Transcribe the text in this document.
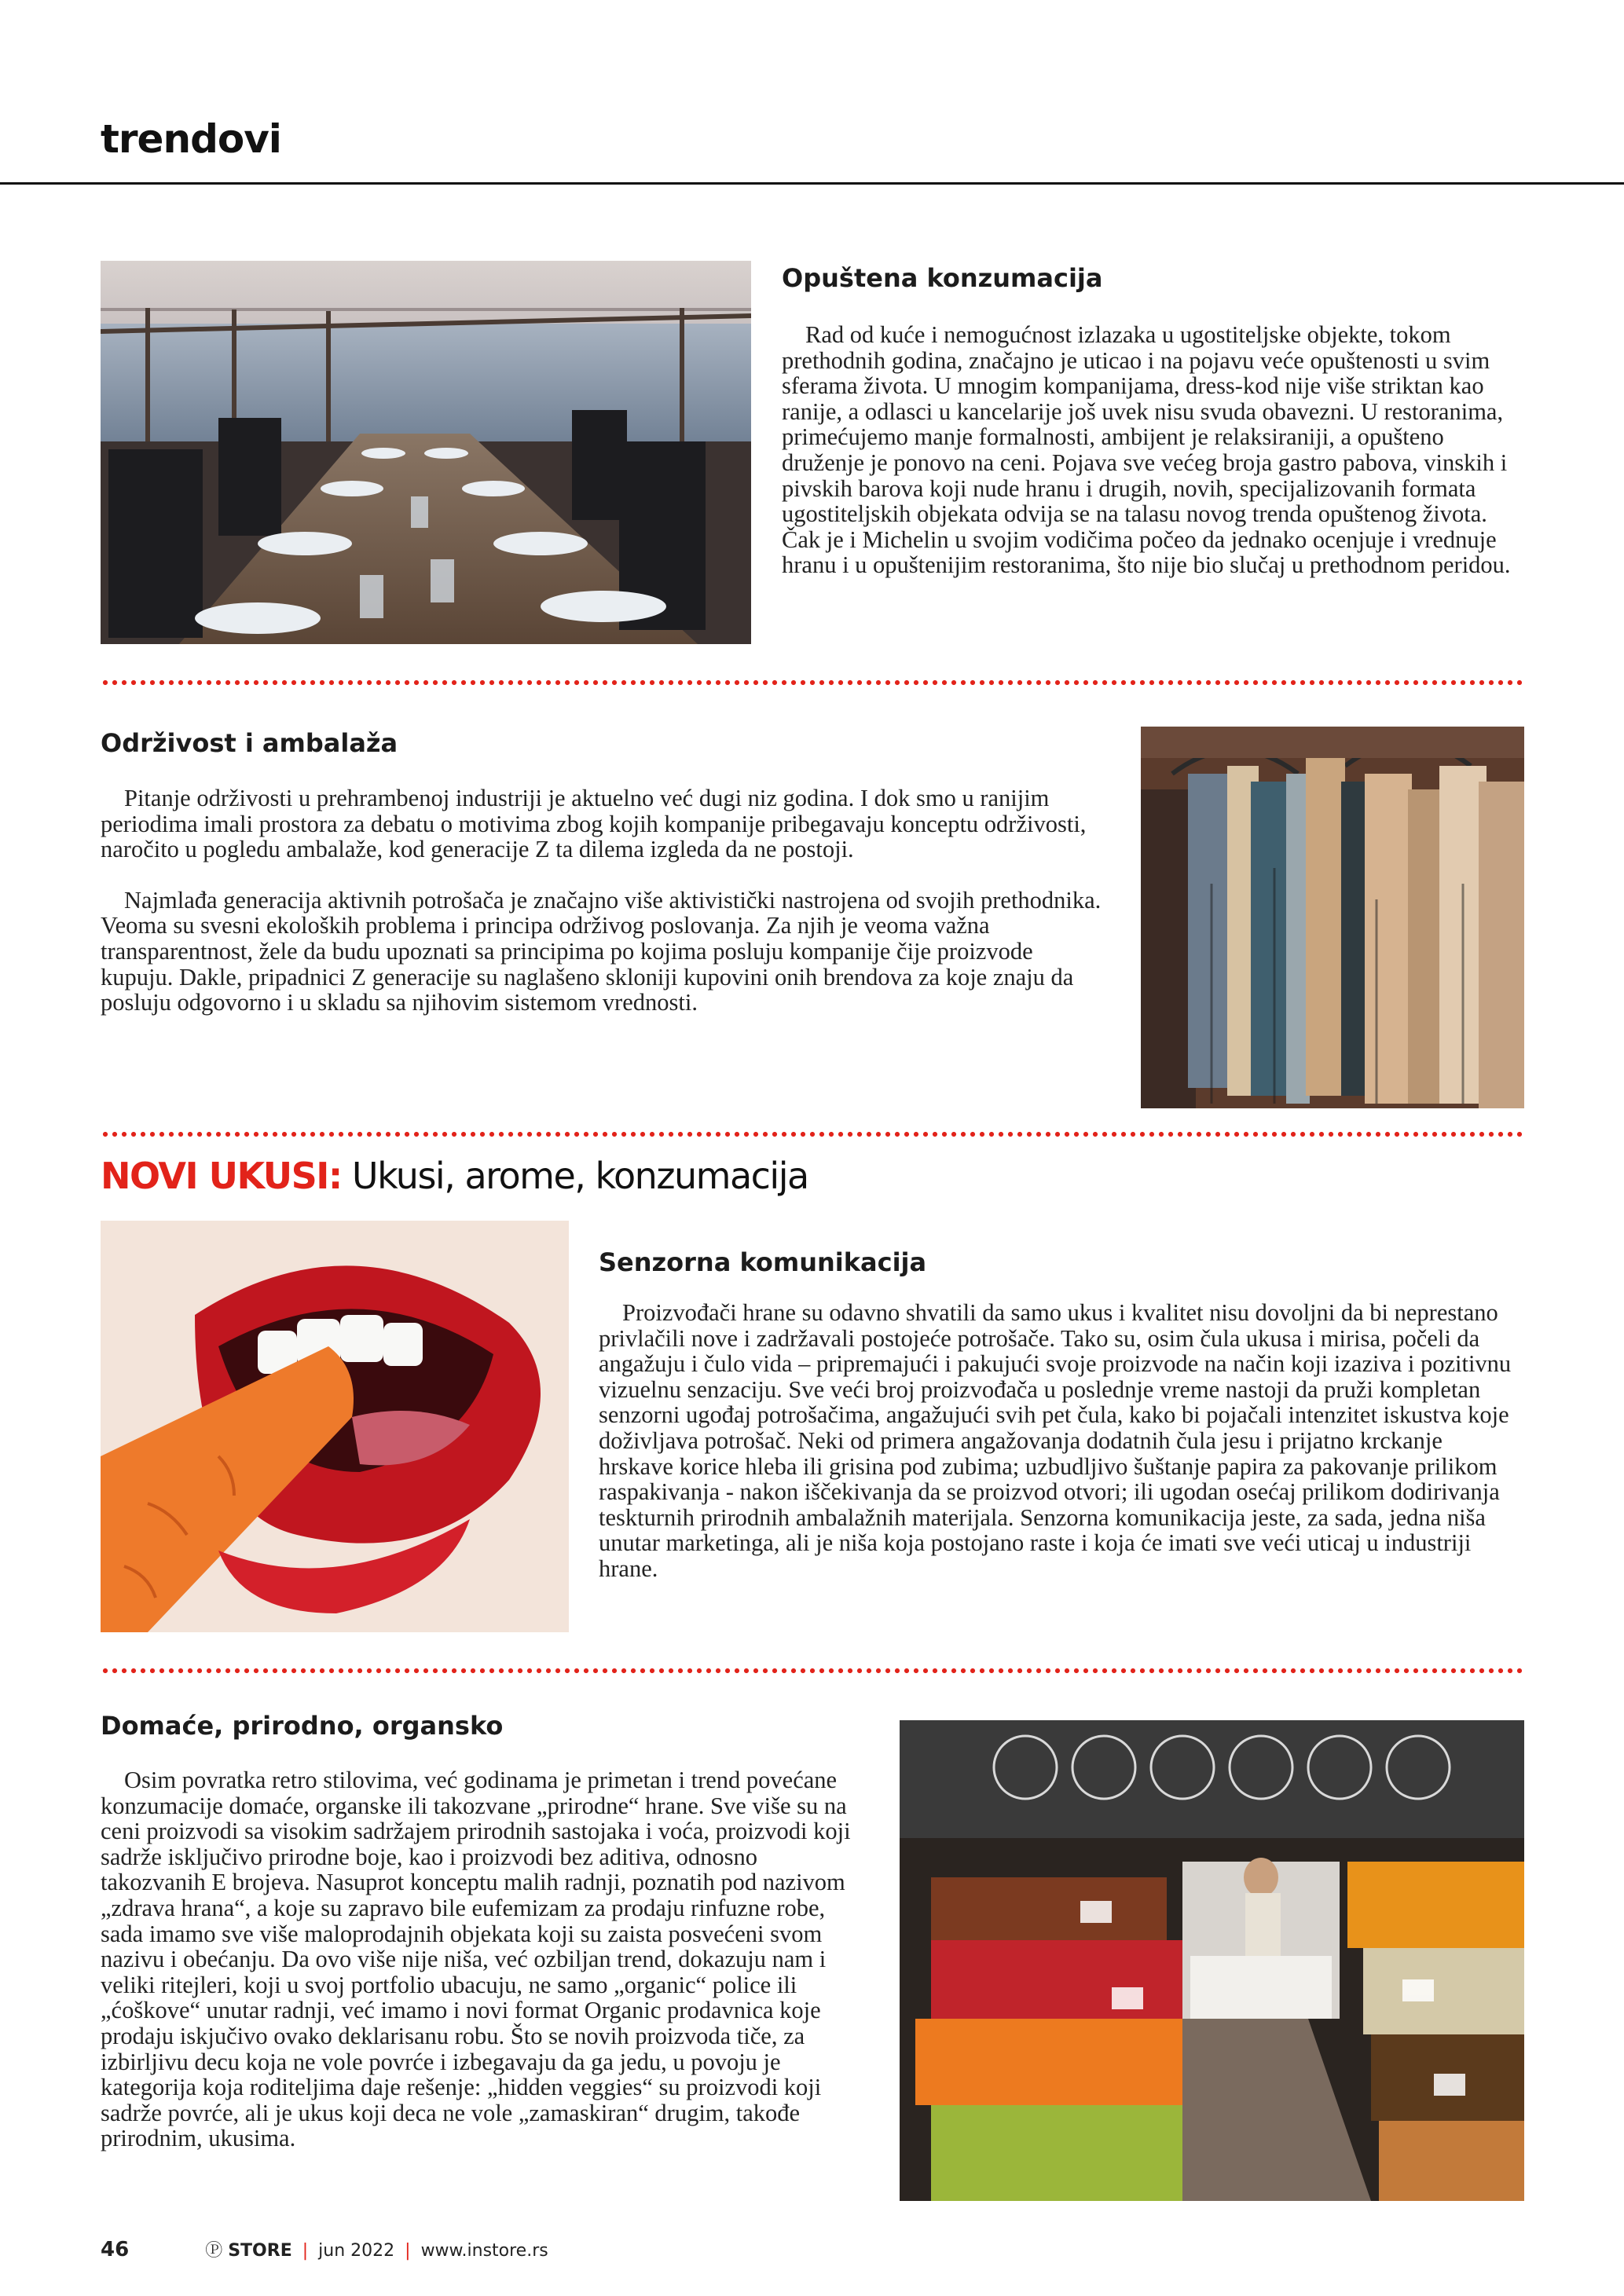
trendovi
Opuštena konzumacija

Rad od kuće i nemogućnost izlazaka u ugostiteljske objekte, tokom prethodnih godina, značajno je uticao i na pojavu veće opuštenosti u svim sferama života. U mnogim kompanijama, dress-kod nije više striktan kao ranije, a odlasci u kancelarije još uvek nisu svuda obavezni. U restoranima, primećujemo manje formalnosti, ambijent je relaksiraniji, a opušteno druženje je ponovo na ceni. Pojava sve većeg broja gastro pabova, vinskih i pivskih barova koji nude hranu i drugih, novih, specijalizovanih formata ugostiteljskih objekata odvija se na talasu novog trenda opuštenog života. Čak je i Michelin u svojim vodičima počeo da jednako ocenjuje i vrednuje hranu i u opuštenijim restoranima, što nije bio slučaj u prethodnom peridou.

Održivost i ambalaža

Pitanje održivosti u prehrambenoj industriji je aktuelno već dugi niz godina. I dok smo u ranijim periodima imali prostora za debatu o motivima zbog kojih kompanije pribegavaju konceptu održivosti, naročito u pogledu ambalaže, kod generacije Z ta dilema izgleda da ne postoji.

Najmlađa generacija aktivnih potrošača je značajno više aktivistički nastrojena od svojih prethodnika. Veoma su svesni ekoloških problema i principa održivog poslovanja. Za njih je veoma važna transparentnost, žele da budu upoznati sa principima po kojima posluju kompanije čije proizvode kupuju. Dakle, pripadnici Z generacije su naglašeno skloniji kupovini onih brendova za koje znaju da posluju odgovorno i u skladu sa njihovim sistemom vrednosti.

NOVI UKUSI: Ukusi, arome, konzumacija
Senzorna komunikacija

Proizvođači hrane su odavno shvatili da samo ukus i kvalitet nisu dovoljni da bi neprestano privlačili nove i zadržavali postojeće potrošače. Tako su, osim čula ukusa i mirisa, počeli da angažuju i čulo vida – pripremajući i pakujući svoje proizvode na način koji izaziva i pozitivnu vizuelnu senzaciju. Sve veći broj proizvođača u poslednje vreme nastoji da pruži kompletan senzorni ugođaj potrošačima, angažujući svih pet čula, kako bi pojačali intenzitet iskustva koje doživljava potrošač. Neki od primera angažovanja dodatnih čula jesu i prijatno krckanje hrskave korice hleba ili grisina pod zubima; uzbudljivo šuštanje papira za pakovanje prilikom raspakivanja - nakon iščekivanja da se proizvod otvori; ili ugodan osećaj prilikom dodirivanja teskturnih prirodnih ambalažnih materijala. Senzorna komunikacija jeste, za sada, jedna niša unutar marketinga, ali je niša koja postojano raste i koja će imati sve veći uticaj u industriji hrane.

Domaće, prirodno, organsko

Osim povratka retro stilovima, već godinama je primetan i trend povećane konzumacije domaće, organske ili takozvane „prirodne“ hrane. Sve više su na ceni proizvodi sa visokim sadržajem prirodnih sastojaka i voća, proizvodi koji sadrže isključivo prirodne boje, kao i proizvodi bez aditiva, odnosno takozvanih E brojeva. Nasuprot konceptu malih radnji, poznatih pod nazivom „zdrava hrana“, a koje su zapravo bile eufemizam za prodaju rinfuzne robe, sada imamo sve više maloprodajnih objekata koji su zaista posvećeni svom nazivu i obećanju. Da ovo više nije niša, već ozbiljan trend, dokazuju nam i veliki ritejleri, koji u svoj portfolio ubacuju, ne samo „organic“ police ili „ćoškove“ unutar radnji, već imamo i novi format Organic prodavnica koje prodaju iskjučivo ovako deklarisanu robu. Što se novih proizvoda tiče, za izbirljivu decu koja ne vole povrće i izbegavaju da ga jedu, u povoju je kategorija koja roditeljima daje rešenje: „hidden veggies“ su proizvodi koji sadrže povrće, ali je ukus koji deca ne vole „zamaskiran“ drugim, takođe prirodnim, ukusima.

46	Ⓟ STORE | jun 2022 | www.instore.rs
